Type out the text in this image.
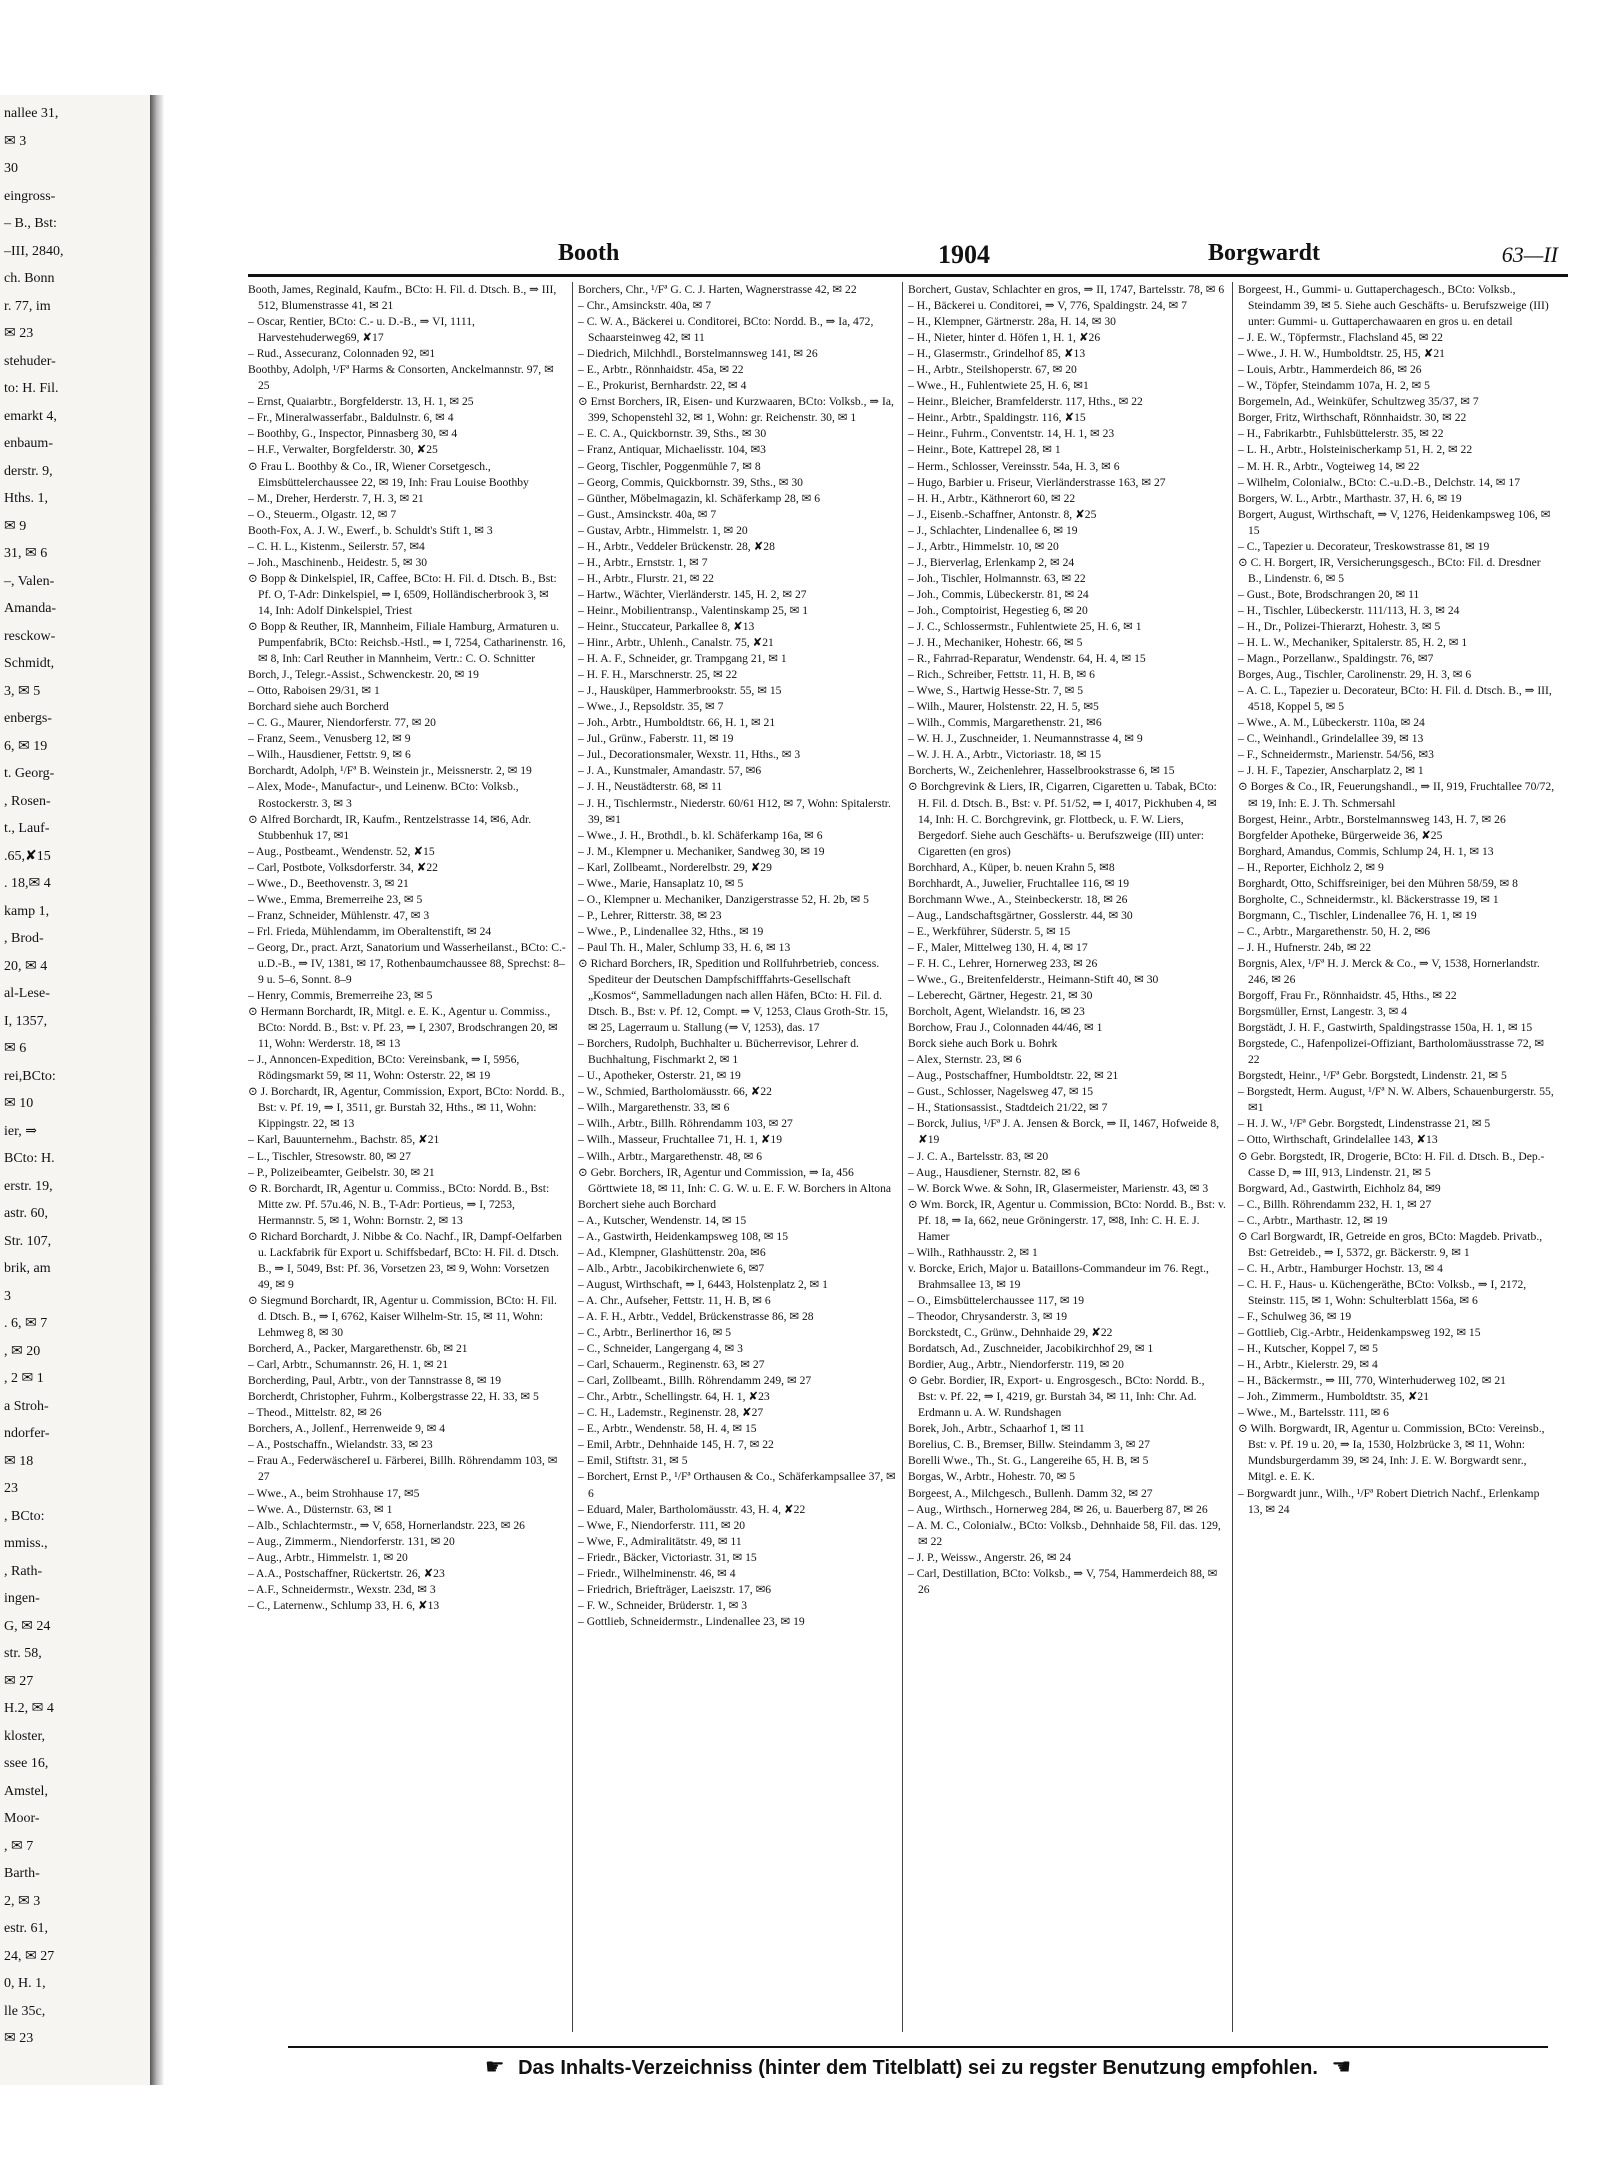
nallee 31,
✉ 3
30
eingross-
– B., Bst:
–III, 2840,
ch. Bonn
r. 77, im
✉ 23
stehuder-
to: H. Fil.
emarkt 4,
enbaum-
derstr. 9,
Hths. 1,
✉ 9
31, ✉ 6
–, Valen-
Amanda-
resckow-
Schmidt,
3, ✉ 5
enbergs-
6, ✉ 19
t. Georg-
, Rosen-
t., Lauf-
.65,✘15
. 18,✉ 4
kamp 1,
, Brod-
20, ✉ 4
al-Lese-
I, 1357,
✉ 6
rei,BCto:
✉ 10
ier, ⇒
BCto: H.
erstr. 19,
astr. 60,
Str. 107,
brik, am
3
. 6, ✉ 7
, ✉ 20
, 2 ✉ 1
a Stroh-
ndorfer-
✉ 18
23
, BCto:
mmiss.,
, Rath-
ingen-
G, ✉ 24
str. 58,
✉ 27
H.2, ✉ 4
kloster,
ssee 16,
Amstel,
Moor-
, ✉ 7
Barth-
2, ✉ 3
estr. 61,
24, ✉ 27
0, H. 1,
lle 35c,
✉ 23
Booth	1904	Borgwardt	63—II

Booth, James, Reginald, Kaufm., BCto: H. Fil. d. Dtsch. B., ⇒ III, 512, Blumenstrasse 41, ✉ 21

– Oscar, Rentier, BCto: C.- u. D.-B., ⇒ VI, 1111, Harvestehuderweg69, ✘17

– Rud., Assecuranz, Colonnaden 92, ✉1

Boothby, Adolph, ¹/Fª Harms & Consorten, Anckelmannstr. 97, ✉ 25

– Ernst, Quaiarbtr., Borgfelderstr. 13, H. 1, ✉ 25

– Fr., Mineralwasserfabr., Baldulnstr. 6, ✉ 4

– Boothby, G., Inspector, Pinnasberg 30, ✉ 4

– H.F., Verwalter, Borgfelderstr. 30, ✘25

⊙ Frau L. Boothby & Co., IR, Wiener Corsetgesch., Eimsbüttelerchaussee 22, ✉ 19, Inh: Frau Louise Boothby

– M., Dreher, Herderstr. 7, H. 3, ✉ 21

– O., Steuerm., Olgastr. 12, ✉ 7

Booth-Fox, A. J. W., Ewerf., b. Schuldt's Stift 1, ✉ 3

– C. H. L., Kistenm., Seilerstr. 57, ✉4

– Joh., Maschinenb., Heidestr. 5, ✉ 30

⊙ Bopp & Dinkelspiel, IR, Caffee, BCto: H. Fil. d. Dtsch. B., Bst: Pf. O, T-Adr: Dinkelspiel, ⇒ I, 6509, Holländischerbrook 3, ✉ 14, Inh: Adolf Dinkelspiel, Triest

⊙ Bopp & Reuther, IR, Mannheim, Filiale Hamburg, Armaturen u. Pumpenfabrik, BCto: Reichsb.-Hstl., ⇒ I, 7254, Catharinenstr. 16, ✉ 8, Inh: Carl Reuther in Mannheim, Vertr.: C. O. Schnitter

Borch, J., Telegr.-Assist., Schwenckestr. 20, ✉ 19

– Otto, Raboisen 29/31, ✉ 1

Borchard siehe auch Borcherd

– C. G., Maurer, Niendorferstr. 77, ✉ 20

– Franz, Seem., Venusberg 12, ✉ 9

– Wilh., Hausdiener, Fettstr. 9, ✉ 6

Borchardt, Adolph, ¹/Fª B. Weinstein jr., Meissnerstr. 2, ✉ 19

– Alex, Mode-, Manufactur-, und Leinenw. BCto: Volksb., Rostockerstr. 3, ✉ 3

⊙ Alfred Borchardt, IR, Kaufm., Rentzelstrasse 14, ✉6, Adr. Stubbenhuk 17, ✉1

– Aug., Postbeamt., Wendenstr. 52, ✘15

– Carl, Postbote, Volksdorferstr. 34, ✘22

– Wwe., D., Beethovenstr. 3, ✉ 21

– Wwe., Emma, Bremerreihe 23, ✉ 5

– Franz, Schneider, Mühlenstr. 47, ✉ 3

– Frl. Frieda, Mühlendamm, im Oberaltenstift, ✉ 24

– Georg, Dr., pract. Arzt, Sanatorium und Wasserheilanst., BCto: C.-u.D.-B., ⇒ IV, 1381, ✉ 17, Rothenbaumchaussee 88, Sprechst: 8–9 u. 5–6, Sonnt. 8–9

– Henry, Commis, Bremerreihe 23, ✉ 5

⊙ Hermann Borchardt, IR, Mitgl. e. E. K., Agentur u. Commiss., BCto: Nordd. B., Bst: v. Pf. 23, ⇒ I, 2307, Brodschrangen 20, ✉ 11, Wohn: Werderstr. 18, ✉ 13

– J., Annoncen-Expedition, BCto: Vereinsbank, ⇒ I, 5956, Rödingsmarkt 59, ✉ 11, Wohn: Osterstr. 22, ✉ 19

⊙ J. Borchardt, IR, Agentur, Commission, Export, BCto: Nordd. B., Bst: v. Pf. 19, ⇒ I, 3511, gr. Burstah 32, Hths., ✉ 11, Wohn: Kippingstr. 22, ✉ 13

– Karl, Bauunternehm., Bachstr. 85, ✘21

– L., Tischler, Stresowstr. 80, ✉ 27

– P., Polizeibeamter, Geibelstr. 30, ✉ 21

⊙ R. Borchardt, IR, Agentur u. Commiss., BCto: Nordd. B., Bst: Mitte zw. Pf. 57u.46, N. B., T-Adr: Portieus, ⇒ I, 7253, Hermannstr. 5, ✉ 1, Wohn: Bornstr. 2, ✉ 13

⊙ Richard Borchardt, J. Nibbe & Co. Nachf., IR, Dampf-Oelfarben u. Lackfabrik für Export u. Schiffsbedarf, BCto: H. Fil. d. Dtsch. B., ⇒ I, 5049, Bst: Pf. 36, Vorsetzen 23, ✉ 9, Wohn: Vorsetzen 49, ✉ 9

⊙ Siegmund Borchardt, IR, Agentur u. Commission, BCto: H. Fil. d. Dtsch. B., ⇒ I, 6762, Kaiser Wilhelm-Str. 15, ✉ 11, Wohn: Lehmweg 8, ✉ 30

Borcherd, A., Packer, Margarethenstr. 6b, ✉ 21

– Carl, Arbtr., Schumannstr. 26, H. 1, ✉ 21

Borcherding, Paul, Arbtr., von der Tannstrasse 8, ✉ 19

Borcherdt, Christopher, Fuhrm., Kolbergstrasse 22, H. 33, ✉ 5

– Theod., Mittelstr. 82, ✉ 26

Borchers, A., Jollenf., Herrenweide 9, ✉ 4

– A., Postschaffn., Wielandstr. 33, ✉ 23

– Frau A., FederwäschereI u. Färberei, Billh. Röhrendamm 103, ✉ 27

– Wwe., A., beim Strohhause 17, ✉5

– Wwe. A., Düsternstr. 63, ✉ 1

– Alb., Schlachtermstr., ⇒ V, 658, Hornerlandstr. 223, ✉ 26

– Aug., Zimmerm., Niendorferstr. 131, ✉ 20

– Aug., Arbtr., Himmelstr. 1, ✉ 20

– A.A., Postschaffner, Rückertstr. 26, ✘23

– A.F., Schneidermstr., Wexstr. 23d, ✉ 3

– C., Laternenw., Schlump 33, H. 6, ✘13

Borchers, Chr., ¹/Fª G. C. J. Harten, Wagnerstrasse 42, ✉ 22

– Chr., Amsinckstr. 40a, ✉ 7

– C. W. A., Bäckerei u. Conditorei, BCto: Nordd. B., ⇒ Ia, 472, Schaarsteinweg 42, ✉ 11

– Diedrich, Milchhdl., Borstelmannsweg 141, ✉ 26

– E., Arbtr., Rönnhaidstr. 45a, ✉ 22

– E., Prokurist, Bernhardstr. 22, ✉ 4

⊙ Ernst Borchers, IR, Eisen- und Kurzwaaren, BCto: Volksb., ⇒ Ia, 399, Schopenstehl 32, ✉ 1, Wohn: gr. Reichenstr. 30, ✉ 1

– E. C. A., Quickbornstr. 39, Sths., ✉ 30

– Franz, Antiquar, Michaelisstr. 104, ✉3

– Georg, Tischler, Poggenmühle 7, ✉ 8

– Georg, Commis, Quickbornstr. 39, Sths., ✉ 30

– Günther, Möbelmagazin, kl. Schäferkamp 28, ✉ 6

– Gust., Amsinckstr. 40a, ✉ 7

– Gustav, Arbtr., Himmelstr. 1, ✉ 20

– H., Arbtr., Veddeler Brückenstr. 28, ✘28

– H., Arbtr., Ernststr. 1, ✉ 7

– H., Arbtr., Flurstr. 21, ✉ 22

– Hartw., Wächter, Vierländerstr. 145, H. 2, ✉ 27

– Heinr., Mobilientransp., Valentinskamp 25, ✉ 1

– Heinr., Stuccateur, Parkallee 8, ✘13

– Hinr., Arbtr., Uhlenh., Canalstr. 75, ✘21

– H. A. F., Schneider, gr. Trampgang 21, ✉ 1

– H. F. H., Marschnerstr. 25, ✉ 22

– J., Hausküper, Hammerbrookstr. 55, ✉ 15

– Wwe., J., Repsoldstr. 35, ✉ 7

– Joh., Arbtr., Humboldtstr. 66, H. 1, ✉ 21

– Jul., Grünw., Faberstr. 11, ✉ 19

– Jul., Decorationsmaler, Wexstr. 11, Hths., ✉ 3

– J. A., Kunstmaler, Amandastr. 57, ✉6

– J. H., Neustädterstr. 68, ✉ 11

– J. H., Tischlermstr., Niederstr. 60/61 H12, ✉ 7, Wohn: Spitalerstr. 39, ✉1

– Wwe., J. H., Brothdl., b. kl. Schäferkamp 16a, ✉ 6

– J. M., Klempner u. Mechaniker, Sandweg 30, ✉ 19

– Karl, Zollbeamt., Norderelbstr. 29, ✘29

– Wwe., Marie, Hansaplatz 10, ✉ 5

– O., Klempner u. Mechaniker, Danzigerstrasse 52, H. 2b, ✉ 5

– P., Lehrer, Ritterstr. 38, ✉ 23

– Wwe., P., Lindenallee 32, Hths., ✉ 19

– Paul Th. H., Maler, Schlump 33, H. 6, ✉ 13

⊙ Richard Borchers, IR, Spedition und Rollfuhrbetrieb, concess. Spediteur der Deutschen Dampfschifffahrts-Gesellschaft „Kosmos“, Sammelladungen nach allen Häfen, BCto: H. Fil. d. Dtsch. B., Bst: v. Pf. 12, Compt. ⇒ V, 1253, Claus Groth-Str. 15, ✉ 25, Lagerraum u. Stallung (⇒ V, 1253), das. 17

– Borchers, Rudolph, Buchhalter u. Bücherrevisor, Lehrer d. Buchhaltung, Fischmarkt 2, ✉ 1

– U., Apotheker, Osterstr. 21, ✉ 19

– W., Schmied, Bartholomäusstr. 66, ✘22

– Wilh., Margarethenstr. 33, ✉ 6

– Wilh., Arbtr., Billh. Röhrendamm 103, ✉ 27

– Wilh., Masseur, Fruchtallee 71, H. 1, ✘19

– Wilh., Arbtr., Margarethenstr. 48, ✉ 6

⊙ Gebr. Borchers, IR, Agentur und Commission, ⇒ Ia, 456 Görttwiete 18, ✉ 11, Inh: C. G. W. u. E. F. W. Borchers in Altona

Borchert siehe auch Borchard

– A., Kutscher, Wendenstr. 14, ✉ 15

– A., Gastwirth, Heidenkampsweg 108, ✉ 15

– Ad., Klempner, Glashüttenstr. 20a, ✉6

– Alb., Arbtr., Jacobikirchenwiete 6, ✉7

– August, Wirthschaft, ⇒ I, 6443, Holstenplatz 2, ✉ 1

– A. Chr., Aufseher, Fettstr. 11, H. B, ✉ 6

– A. F. H., Arbtr., Veddel, Brückenstrasse 86, ✉ 28

– C., Arbtr., Berlinerthor 16, ✉ 5

– C., Schneider, Langergang 4, ✉ 3

– Carl, Schauerm., Reginenstr. 63, ✉ 27

– Carl, Zollbeamt., Billh. Röhrendamm 249, ✉ 27

– Chr., Arbtr., Schellingstr. 64, H. 1, ✘23

– C. H., Lademstr., Reginenstr. 28, ✘27

– E., Arbtr., Wendenstr. 58, H. 4, ✉ 15

– Emil, Arbtr., Dehnhaide 145, H. 7, ✉ 22

– Emil, Stiftstr. 31, ✉ 5

– Borchert, Ernst P., ¹/Fª Orthausen & Co., Schäferkampsallee 37, ✉ 6

– Eduard, Maler, Bartholomäusstr. 43, H. 4, ✘22

– Wwe, F., Niendorferstr. 111, ✉ 20

– Wwe, F., Admiralitätstr. 49, ✉ 11

– Friedr., Bäcker, Victoriastr. 31, ✉ 15

– Friedr., Wilhelminenstr. 46, ✉ 4

– Friedrich, Briefträger, Laeiszstr. 17, ✉6

– F. W., Schneider, Brüderstr. 1, ✉ 3

– Gottlieb, Schneidermstr., Lindenallee 23, ✉ 19

Borchert, Gustav, Schlachter en gros, ⇒ II, 1747, Bartelsstr. 78, ✉ 6

– H., Bäckerei u. Conditorei, ⇒ V, 776, Spaldingstr. 24, ✉ 7

– H., Klempner, Gärtnerstr. 28a, H. 14, ✉ 30

– H., Nieter, hinter d. Höfen 1, H. 1, ✘26

– H., Glasermstr., Grindelhof 85, ✘13

– H., Arbtr., Steilshoperstr. 67, ✉ 20

– Wwe., H., Fuhlentwiete 25, H. 6, ✉1

– Heinr., Bleicher, Bramfelderstr. 117, Hths., ✉ 22

– Heinr., Arbtr., Spaldingstr. 116, ✘15

– Heinr., Fuhrm., Conventstr. 14, H. 1, ✉ 23

– Heinr., Bote, Kattrepel 28, ✉ 1

– Herm., Schlosser, Vereinsstr. 54a, H. 3, ✉ 6

– Hugo, Barbier u. Friseur, Vierländerstrasse 163, ✉ 27

– H. H., Arbtr., Käthnerort 60, ✉ 22

– J., Eisenb.-Schaffner, Antonstr. 8, ✘25

– J., Schlachter, Lindenallee 6, ✉ 19

– J., Arbtr., Himmelstr. 10, ✉ 20

– J., Bierverlag, Erlenkamp 2, ✉ 24

– Joh., Tischler, Holmannstr. 63, ✉ 22

– Joh., Commis, Lübeckerstr. 81, ✉ 24

– Joh., Comptoirist, Hegestieg 6, ✉ 20

– J. C., Schlossermstr., Fuhlentwiete 25, H. 6, ✉ 1

– J. H., Mechaniker, Hohestr. 66, ✉ 5

– R., Fahrrad-Reparatur, Wendenstr. 64, H. 4, ✉ 15

– Rich., Schreiber, Fettstr. 11, H. B, ✉ 6

– Wwe, S., Hartwig Hesse-Str. 7, ✉ 5

– Wilh., Maurer, Holstenstr. 22, H. 5, ✉5

– Wilh., Commis, Margarethenstr. 21, ✉6

– W. H. J., Zuschneider, 1. Neumannstrasse 4, ✉ 9

– W. J. H. A., Arbtr., Victoriastr. 18, ✉ 15

Borcherts, W., Zeichenlehrer, Hasselbrookstrasse 6, ✉ 15

⊙ Borchgrevink & Liers, IR, Cigarren, Cigaretten u. Tabak, BCto: H. Fil. d. Dtsch. B., Bst: v. Pf. 51/52, ⇒ I, 4017, Pickhuben 4, ✉ 14, Inh: H. C. Borchgrevink, gr. Flottbeck, u. F. W. Liers, Bergedorf. Siehe auch Geschäfts- u. Berufszweige (III) unter: Cigaretten (en gros)

Borchhard, A., Küper, b. neuen Krahn 5, ✉8

Borchhardt, A., Juwelier, Fruchtallee 116, ✉ 19

Borchmann Wwe., A., Steinbeckerstr. 18, ✉ 26

– Aug., Landschaftsgärtner, Gosslerstr. 44, ✉ 30

– E., Werkführer, Süderstr. 5, ✉ 15

– F., Maler, Mittelweg 130, H. 4, ✉ 17

– F. H. C., Lehrer, Hornerweg 233, ✉ 26

– Wwe., G., Breitenfelderstr., Heimann-Stift 40, ✉ 30

– Leberecht, Gärtner, Hegestr. 21, ✉ 30

Borcholt, Agent, Wielandstr. 16, ✉ 23

Borchow, Frau J., Colonnaden 44/46, ✉ 1

Borck siehe auch Bork u. Bohrk

– Alex, Sternstr. 23, ✉ 6

– Aug., Postschaffner, Humboldtstr. 22, ✉ 21

– Gust., Schlosser, Nagelsweg 47, ✉ 15

– H., Stationsassist., Stadtdeich 21/22, ✉ 7

– Borck, Julius, ¹/Fª J. A. Jensen & Borck, ⇒ II, 1467, Hofweide 8, ✘19

– J. C. A., Bartelsstr. 83, ✉ 20

– Aug., Hausdiener, Sternstr. 82, ✉ 6

– W. Borck Wwe. & Sohn, IR, Glasermeister, Marienstr. 43, ✉ 3

⊙ Wm. Borck, IR, Agentur u. Commission, BCto: Nordd. B., Bst: v. Pf. 18, ⇒ Ia, 662, neue Gröningerstr. 17, ✉8, Inh: C. H. E. J. Hamer

– Wilh., Rathhausstr. 2, ✉ 1

v. Borcke, Erich, Major u. Bataillons-Commandeur im 76. Regt., Brahmsallee 13, ✉ 19

– O., Eimsbüttelerchaussee 117, ✉ 19

– Theodor, Chrysanderstr. 3, ✉ 19

Borckstedt, C., Grünw., Dehnhaide 29, ✘22

Bordatsch, Ad., Zuschneider, Jacobikirchhof 29, ✉ 1

Bordier, Aug., Arbtr., Niendorferstr. 119, ✉ 20

⊙ Gebr. Bordier, IR, Export- u. Engrosgesch., BCto: Nordd. B., Bst: v. Pf. 22, ⇒ I, 4219, gr. Burstah 34, ✉ 11, Inh: Chr. Ad. Erdmann u. A. W. Rundshagen

Borek, Joh., Arbtr., Schaarhof 1, ✉ 11

Borelius, C. B., Bremser, Billw. Steindamm 3, ✉ 27

Borelli Wwe., Th., St. G., Langereihe 65, H. B, ✉ 5

Borgas, W., Arbtr., Hohestr. 70, ✉ 5

Borgeest, A., Milchgesch., Bullenh. Damm 32, ✉ 27

– Aug., Wirthsch., Hornerweg 284, ✉ 26, u. Bauerberg 87, ✉ 26

– A. M. C., Colonialw., BCto: Volksb., Dehnhaide 58, Fil. das. 129, ✉ 22

– J. P., Weissw., Angerstr. 26, ✉ 24

– Carl, Destillation, BCto: Volksb., ⇒ V, 754, Hammerdeich 88, ✉ 26

Borgeest, H., Gummi- u. Guttaperchagesch., BCto: Volksb., Steindamm 39, ✉ 5. Siehe auch Geschäfts- u. Berufszweige (III) unter: Gummi- u. Guttaperchawaaren en gros u. en detail

– J. E. W., Töpfermstr., Flachsland 45, ✉ 22

– Wwe., J. H. W., Humboldtstr. 25, H5, ✘21

– Louis, Arbtr., Hammerdeich 86, ✉ 26

– W., Töpfer, Steindamm 107a, H. 2, ✉ 5

Borgemeln, Ad., Weinküfer, Schultzweg 35/37, ✉ 7

Borger, Fritz, Wirthschaft, Rönnhaidstr. 30, ✉ 22

– H., Fabrikarbtr., Fuhlsbüttelerstr. 35, ✉ 22

– L. H., Arbtr., Holsteinischerkamp 51, H. 2, ✉ 22

– M. H. R., Arbtr., Vogteiweg 14, ✉ 22

– Wilhelm, Colonialw., BCto: C.-u.D.-B., Delchstr. 14, ✉ 17

Borgers, W. L., Arbtr., Marthastr. 37, H. 6, ✉ 19

Borgert, August, Wirthschaft, ⇒ V, 1276, Heidenkampsweg 106, ✉ 15

– C., Tapezier u. Decorateur, Treskowstrasse 81, ✉ 19

⊙ C. H. Borgert, IR, Versicherungsgesch., BCto: Fil. d. Dresdner B., Lindenstr. 6, ✉ 5

– Gust., Bote, Brodschrangen 20, ✉ 11

– H., Tischler, Lübeckerstr. 111/113, H. 3, ✉ 24

– H., Dr., Polizei-Thierarzt, Hohestr. 3, ✉ 5

– H. L. W., Mechaniker, Spitalerstr. 85, H. 2, ✉ 1

– Magn., Porzellanw., Spaldingstr. 76, ✉7

Borges, Aug., Tischler, Carolinenstr. 29, H. 3, ✉ 6

– A. C. L., Tapezier u. Decorateur, BCto: H. Fil. d. Dtsch. B., ⇒ III, 4518, Koppel 5, ✉ 5

– Wwe., A. M., Lübeckerstr. 110a, ✉ 24

– C., Weinhandl., Grindelallee 39, ✉ 13

– F., Schneidermstr., Marienstr. 54/56, ✉3

– J. H. F., Tapezier, Anscharplatz 2, ✉ 1

⊙ Borges & Co., IR, Feuerungshandl., ⇒ II, 919, Fruchtallee 70/72, ✉ 19, Inh: E. J. Th. Schmersahl

Borgest, Heinr., Arbtr., Borstelmannsweg 143, H. 7, ✉ 26

Borgfelder Apotheke, Bürgerweide 36, ✘25

Borghard, Amandus, Commis, Schlump 24, H. 1, ✉ 13

– H., Reporter, Eichholz 2, ✉ 9

Borghardt, Otto, Schiffsreiniger, bei den Mühren 58/59, ✉ 8

Borgholte, C., Schneidermstr., kl. Bäckerstrasse 19, ✉ 1

Borgmann, C., Tischler, Lindenallee 76, H. 1, ✉ 19

– C., Arbtr., Margarethenstr. 50, H. 2, ✉6

– J. H., Hufnerstr. 24b, ✉ 22

Borgnis, Alex, ¹/Fª H. J. Merck & Co., ⇒ V, 1538, Hornerlandstr. 246, ✉ 26

Borgoff, Frau Fr., Rönnhaidstr. 45, Hths., ✉ 22

Borgsmüller, Ernst, Langestr. 3, ✉ 4

Borgstädt, J. H. F., Gastwirth, Spaldingstrasse 150a, H. 1, ✉ 15

Borgstede, C., Hafenpolizei-Offiziant, Bartholomäusstrasse 72, ✉ 22

Borgstedt, Heinr., ¹/Fª Gebr. Borgstedt, Lindenstr. 21, ✉ 5

– Borgstedt, Herm. August, ¹/Fª N. W. Albers, Schauenburgerstr. 55, ✉1

– H. J. W., ¹/Fª Gebr. Borgstedt, Lindenstrasse 21, ✉ 5

– Otto, Wirthschaft, Grindelallee 143, ✘13

⊙ Gebr. Borgstedt, IR, Drogerie, BCto: H. Fil. d. Dtsch. B., Dep.-Casse D, ⇒ III, 913, Lindenstr. 21, ✉ 5

Borgward, Ad., Gastwirth, Eichholz 84, ✉9

– C., Billh. Röhrendamm 232, H. 1, ✉ 27

– C., Arbtr., Marthastr. 12, ✉ 19

⊙ Carl Borgwardt, IR, Getreide en gros, BCto: Magdeb. Privatb., Bst: Getreideb., ⇒ I, 5372, gr. Bäckerstr. 9, ✉ 1

– C. H., Arbtr., Hamburger Hochstr. 13, ✉ 4

– C. H. F., Haus- u. Küchengeräthe, BCto: Volksb., ⇒ I, 2172, Steinstr. 115, ✉ 1, Wohn: Schulterblatt 156a, ✉ 6

– F., Schulweg 36, ✉ 19

– Gottlieb, Cig.-Arbtr., Heidenkampsweg 192, ✉ 15

– H., Kutscher, Koppel 7, ✉ 5

– H., Arbtr., Kielerstr. 29, ✉ 4

– H., Bäckermstr., ⇒ III, 770, Winterhuderweg 102, ✉ 21

– Joh., Zimmerm., Humboldtstr. 35, ✘21

– Wwe., M., Bartelsstr. 111, ✉ 6

⊙ Wilh. Borgwardt, IR, Agentur u. Commission, BCto: Vereinsb., Bst: v. Pf. 19 u. 20, ⇒ Ia, 1530, Holzbrücke 3, ✉ 11, Wohn: Mundsburgerdamm 39, ✉ 24, Inh: J. E. W. Borgwardt senr., Mitgl. e. E. K.

– Borgwardt junr., Wilh., ¹/Fª Robert Dietrich Nachf., Erlenkamp 13, ✉ 24

☛ Das Inhalts-Verzeichniss (hinter dem Titelblatt) sei zu regster Benutzung empfohlen. ☚
